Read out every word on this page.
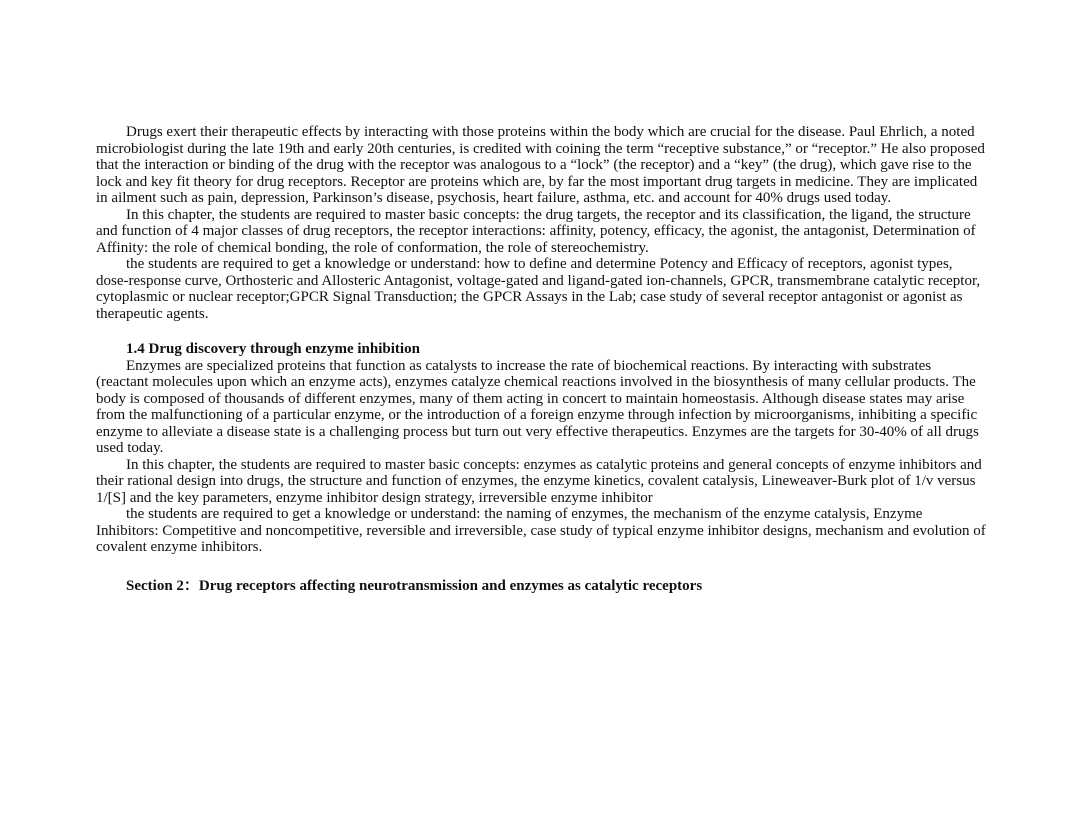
Drugs exert their therapeutic effects by interacting with those proteins within the body which are crucial for the disease. Paul Ehrlich, a noted microbiologist during the late 19th and early 20th centuries, is credited with coining the term “receptive substance,” or “receptor.” He also proposed that the interaction or binding of the drug with the receptor was analogous to a “lock” (the receptor) and a “key” (the drug), which gave rise to the lock and key fit theory for drug receptors. Receptor are proteins which are, by far the most important drug targets in medicine. They are implicated in ailment such as pain, depression, Parkinson’s disease, psychosis, heart failure, asthma, etc. and account for 40% drugs used today.

In this chapter, the students are required to master basic concepts: the drug targets, the receptor and its classification, the ligand, the structure and function of 4 major classes of drug receptors, the receptor interactions: affinity, potency, efficacy, the agonist, the antagonist, Determination of Affinity: the role of chemical bonding, the role of conformation, the role of stereochemistry.

the students are required to get a knowledge or understand: how to define and determine Potency and Efficacy of receptors, agonist types, dose-response curve, Orthosteric and Allosteric Antagonist, voltage-gated and ligand-gated ion-channels, GPCR, transmembrane catalytic receptor, cytoplasmic or nuclear receptor;GPCR Signal Transduction; the GPCR Assays in the Lab; case study of several receptor antagonist or agonist as therapeutic agents.

1.4 Drug discovery through enzyme inhibition

Enzymes are specialized proteins that function as catalysts to increase the rate of biochemical reactions. By interacting with substrates (reactant molecules upon which an enzyme acts), enzymes catalyze chemical reactions involved in the biosynthesis of many cellular products. The body is composed of thousands of different enzymes, many of them acting in concert to maintain homeostasis. Although disease states may arise from the malfunctioning of a particular enzyme, or the introduction of a foreign enzyme through infection by microorganisms, inhibiting a specific enzyme to alleviate a disease state is a challenging process but turn out very effective therapeutics. Enzymes are the targets for 30-40% of all drugs used today.

In this chapter, the students are required to master basic concepts: enzymes as catalytic proteins and general concepts of enzyme inhibitors and their rational design into drugs, the structure and function of enzymes, the enzyme kinetics, covalent catalysis, Lineweaver-Burk plot of 1/v versus 1/[S] and the key parameters, enzyme inhibitor design strategy, irreversible enzyme inhibitor

the students are required to get a knowledge or understand: the naming of enzymes, the mechanism of the enzyme catalysis, Enzyme Inhibitors: Competitive and noncompetitive, reversible and irreversible, case study of typical enzyme inhibitor designs, mechanism and evolution of covalent enzyme inhibitors.

Section 2：Drug receptors affecting neurotransmission and enzymes as catalytic receptors
